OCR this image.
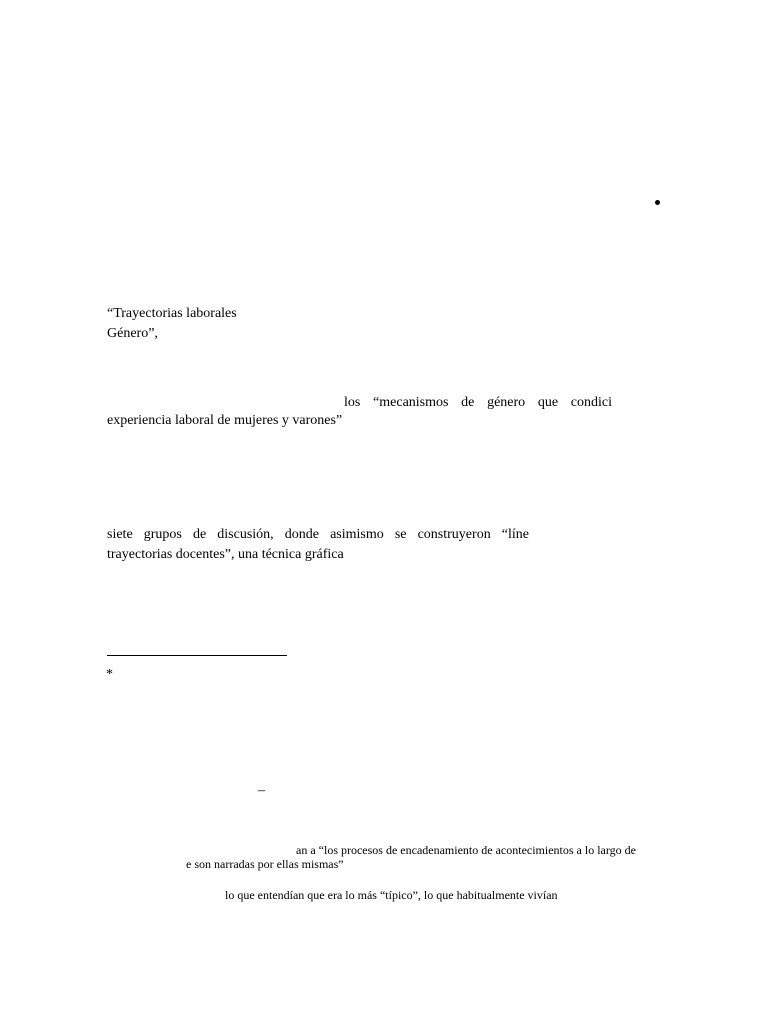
“Trayectorias laborales
Género”,
los “mecanismos de género que condici
experiencia laboral de mujeres y varones”
siete grupos de discusión, donde asimismo se construyeron “líne
trayectorias docentes”, una técnica gráfica
*
–
an a “los procesos de encadenamiento de acontecimientos a lo largo de
e son narradas por ellas mismas”
lo que entendían que era lo más “típico”, lo que habitualmente vivían
